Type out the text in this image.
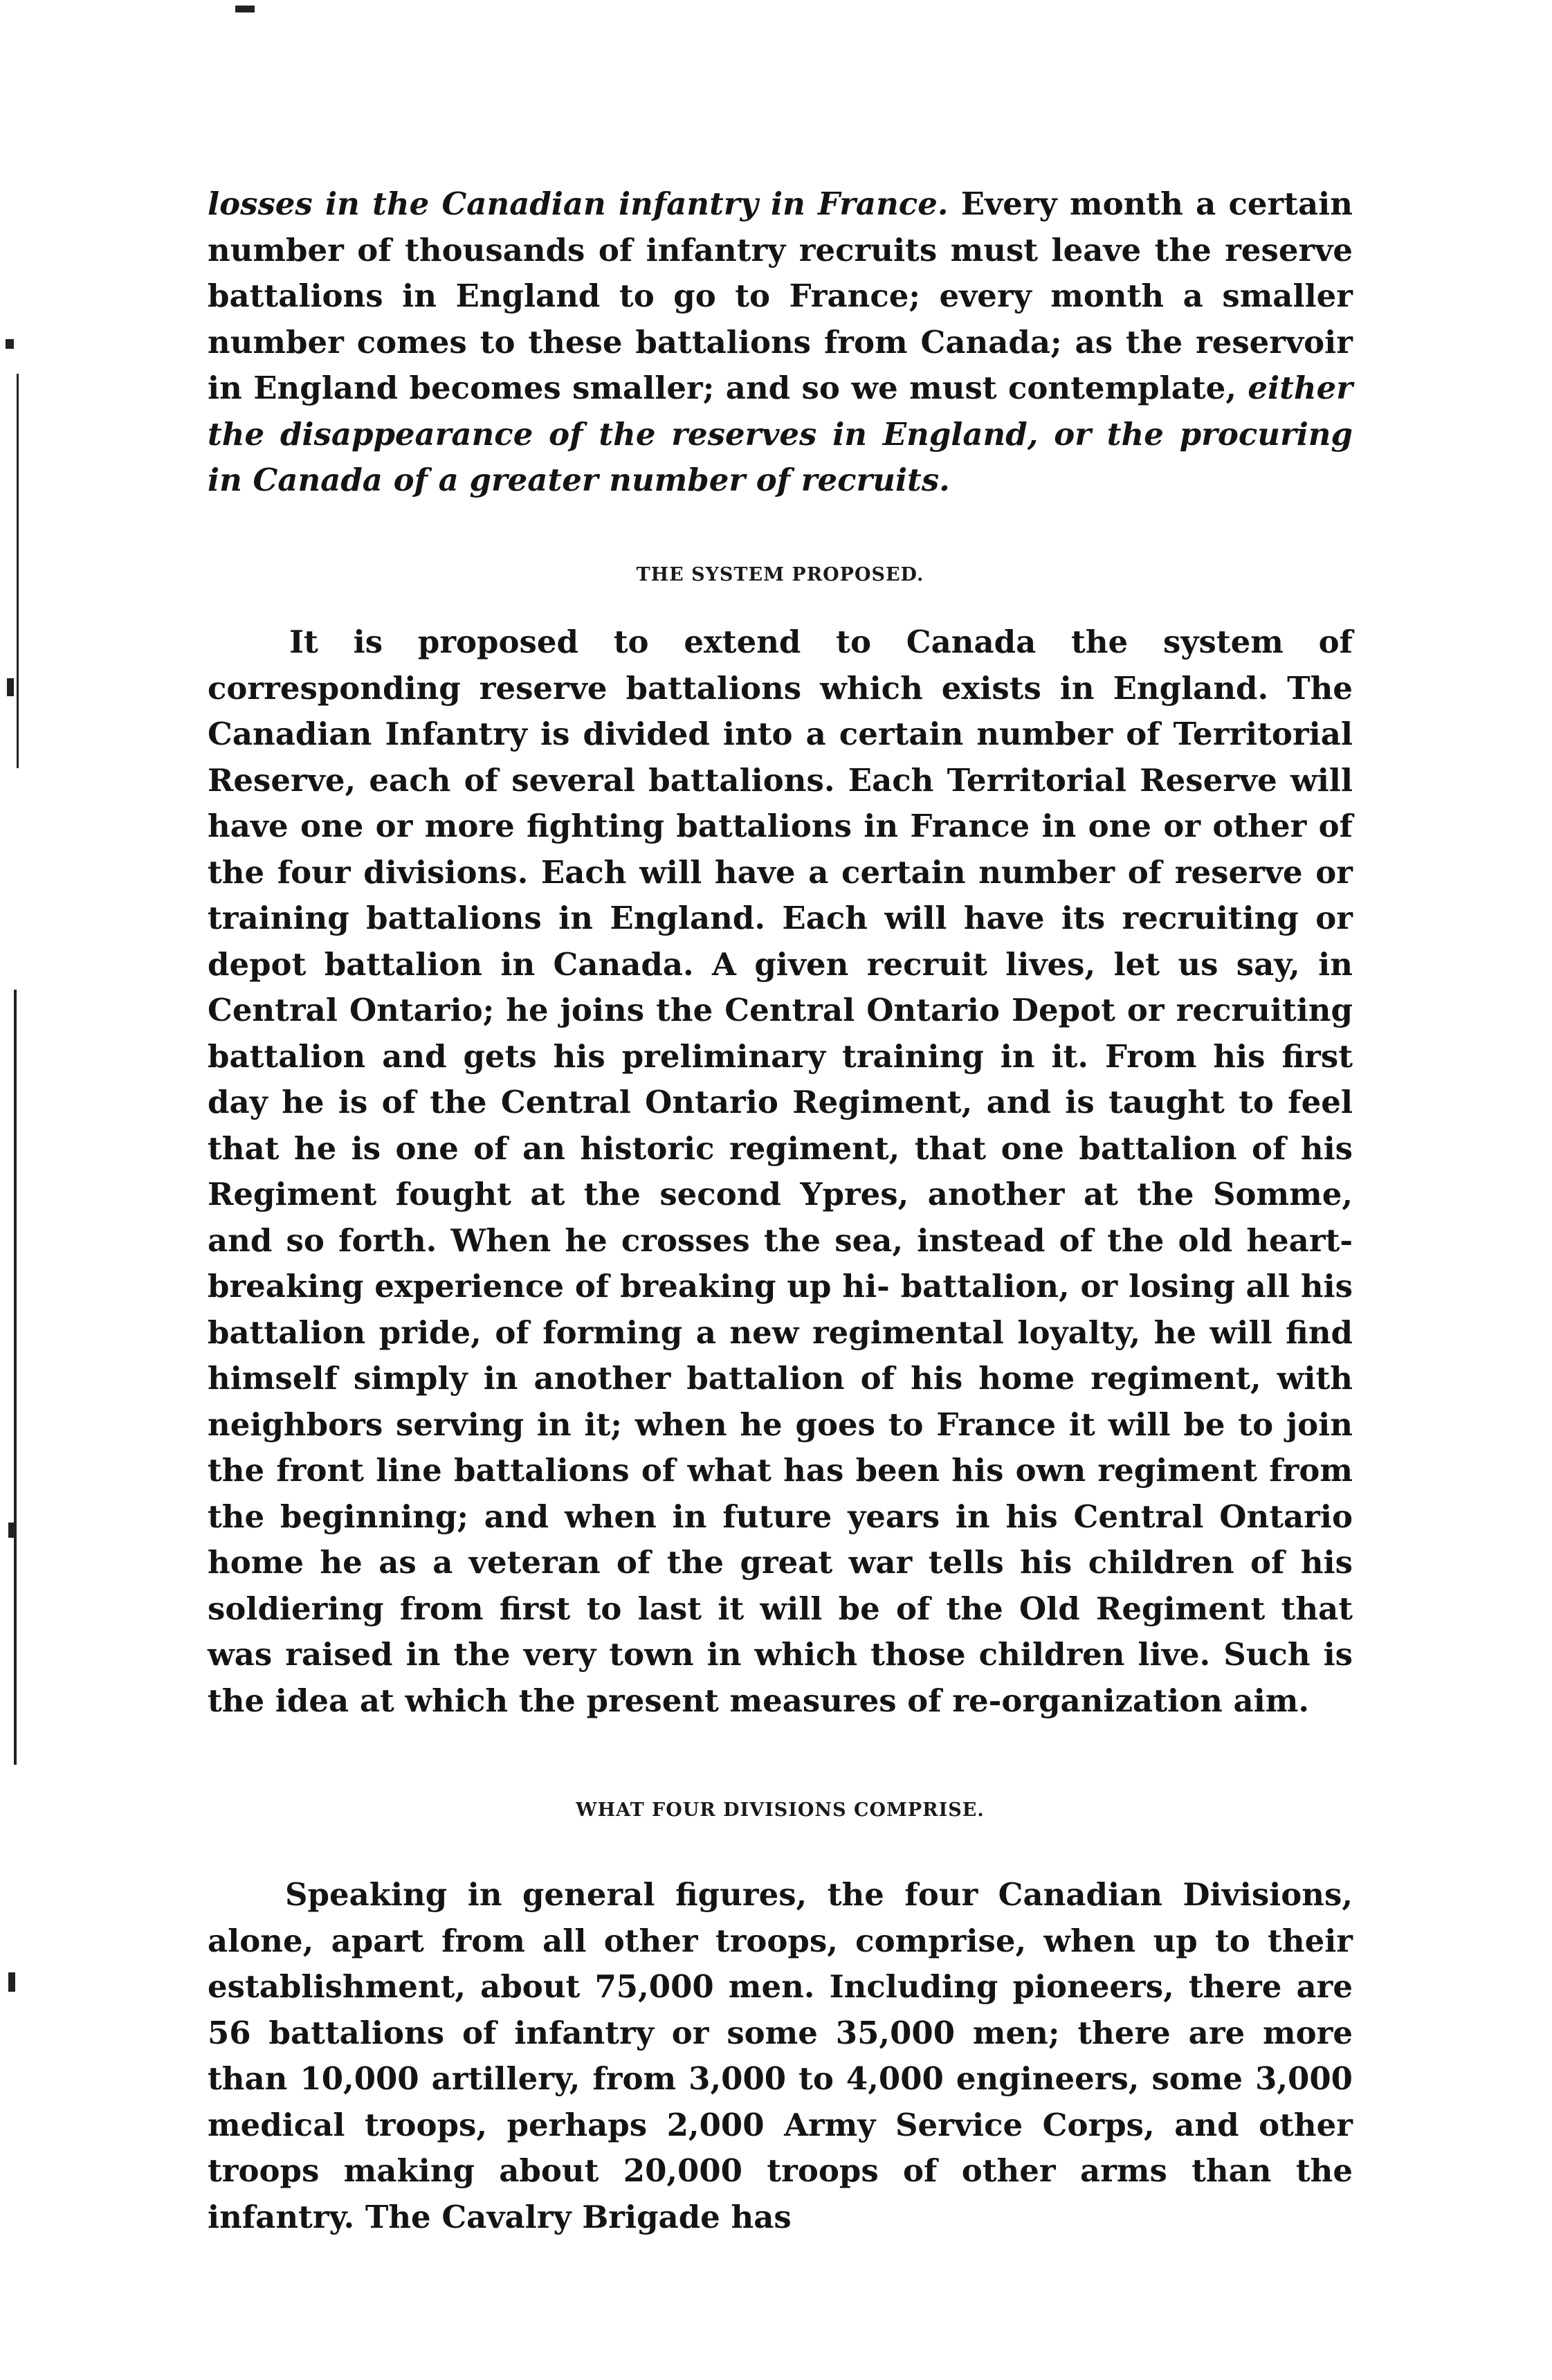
losses in the Canadian infantry in France. Every month a certain number of thousands of infantry recruits must leave the reserve battalions in England to go to France; every month a smaller number comes to these battalions from Canada; as the reservoir in England becomes smaller; and so we must contemplate, either the disappearance of the reserves in England, or the procuring in Canada of a greater number of recruits.

THE SYSTEM PROPOSED.

It is proposed to extend to Canada the system of corresponding reserve battalions which exists in England. The Canadian Infantry is divided into a certain number of Territorial Reserve, each of several battalions. Each Territorial Reserve will have one or more fighting battalions in France in one or other of the four divisions. Each will have a certain number of reserve or training battalions in England. Each will have its recruiting or depot battalion in Canada. A given recruit lives, let us say, in Central Ontario; he joins the Central Ontario Depot or recruiting battalion and gets his preliminary training in it. From his first day he is of the Central Ontario Regiment, and is taught to feel that he is one of an historic regiment, that one battalion of his Regiment fought at the second Ypres, another at the Somme, and so forth. When he crosses the sea, instead of the old heart-breaking experience of breaking up hi- battalion, or losing all his battalion pride, of forming a new regimental loyalty, he will find himself simply in another battalion of his home regiment, with neighbors serving in it; when he goes to France it will be to join the front line battalions of what has been his own regiment from the beginning; and when in future years in his Central Ontario home he as a veteran of the great war tells his children of his soldiering from first to last it will be of the Old Regiment that was raised in the very town in which those children live. Such is the idea at which the present measures of re-organization aim.

WHAT FOUR DIVISIONS COMPRISE.

Speaking in general figures, the four Canadian Divisions, alone, apart from all other troops, comprise, when up to their establishment, about 75,000 men. Including pioneers, there are 56 battalions of infantry or some 35,000 men; there are more than 10,000 artillery, from 3,000 to 4,000 engineers, some 3,000 medical troops, perhaps 2,000 Army Service Corps, and other troops making about 20,000 troops of other arms than the infantry. The Cavalry Brigade has
